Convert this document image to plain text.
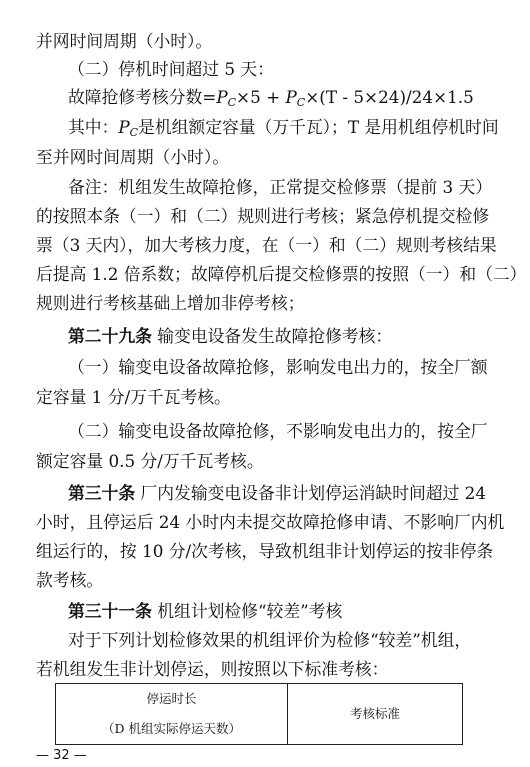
并网时间周期（小时）。
（二）停机时间超过 5 天：
故障抢修考核分数$=P_C\times 5 + P_C\times(T - 5\times 24)/24\times 1.5$
其中：$P_C$是机组额定容量（万千瓦）；T 是用机组停机时间
至并网时间周期（小时）。
备注：机组发生故障抢修，正常提交检修票（提前 3 天）
的按照本条（一）和（二）规则进行考核；紧急停机提交检修
票（3 天内），加大考核力度，在（一）和（二）规则考核结果
后提高 1.2 倍系数；故障停机后提交检修票的按照（一）和（二）
规则进行考核基础上增加非停考核；
第二十九条 输变电设备发生故障抢修考核：
（一）输变电设备故障抢修，影响发电出力的，按全厂额
定容量 1 分/万千瓦考核。
（二）输变电设备故障抢修，不影响发电出力的，按全厂
额定容量 0.5 分/万千瓦考核。
第三十条 厂内发输变电设备非计划停运消缺时间超过 24
小时，且停运后 24 小时内未提交故障抢修申请、不影响厂内机
组运行的，按 10 分/次考核，导致机组非计划停运的按非停条
款考核。
第三十一条 机组计划检修“较差”考核
对于下列计划检修效果的机组评价为检修“较差”机组，
若机组发生非计划停运，则按照以下标准考核：
停运时长
（D 机组实际停运天数）
	考核标准
— 32 —
